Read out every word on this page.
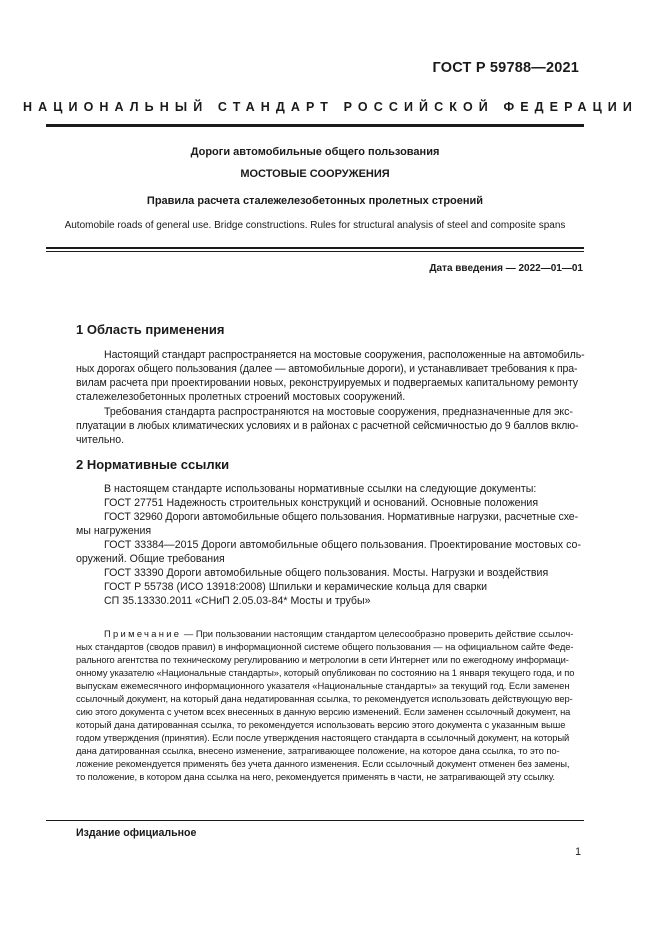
ГОСТ Р 59788—2021
НАЦИОНАЛЬНЫЙ СТАНДАРТ РОССИЙСКОЙ ФЕДЕРАЦИИ
Дороги автомобильные общего пользования
МОСТОВЫЕ СООРУЖЕНИЯ
Правила расчета сталежелезобетонных пролетных строений
Automobile roads of general use. Bridge constructions. Rules for structural analysis of steel and composite spans
Дата введения — 2022—01—01
1 Область применения
Настоящий стандарт распространяется на мостовые сооружения, расположенные на автомобиль-
ных дорогах общего пользования (далее — автомобильные дороги), и устанавливает требования к пра-
вилам расчета при проектировании новых, реконструируемых и подвергаемых капитальному ремонту
сталежелезобетонных пролетных строений мостовых сооружений.
Требования стандарта распространяются на мостовые сооружения, предназначенные для экс-
плуатации в любых климатических условиях и в районах с расчетной сейсмичностью до 9 баллов вклю-
чительно.
2 Нормативные ссылки
В настоящем стандарте использованы нормативные ссылки на следующие документы:
ГОСТ 27751 Надежность строительных конструкций и оснований. Основные положения
ГОСТ 32960 Дороги автомобильные общего пользования. Нормативные нагрузки, расчетные схе-
мы нагружения
ГОСТ 33384—2015 Дороги автомобильные общего пользования. Проектирование мостовых со-
оружений. Общие требования
ГОСТ 33390 Дороги автомобильные общего пользования. Мосты. Нагрузки и воздействия
ГОСТ Р 55738 (ИСО 13918:2008) Шпильки и керамические кольца для сварки
СП 35.13330.2011 «СНиП 2.05.03-84* Мосты и трубы»
Примечание — При пользовании настоящим стандартом целесообразно проверить действие ссылоч-
ных стандартов (сводов правил) в информационной системе общего пользования — на официальном сайте Феде-
рального агентства по техническому регулированию и метрологии в сети Интернет или по ежегодному информаци-
онному указателю «Национальные стандарты», который опубликован по состоянию на 1 января текущего года, и по
выпускам ежемесячного информационного указателя «Национальные стандарты» за текущий год. Если заменен
ссылочный документ, на который дана недатированная ссылка, то рекомендуется использовать действующую вер-
сию этого документа с учетом всех внесенных в данную версию изменений. Если заменен ссылочный документ, на
который дана датированная ссылка, то рекомендуется использовать версию этого документа с указанным выше
годом утверждения (принятия). Если после утверждения настоящего стандарта в ссылочный документ, на который
дана датированная ссылка, внесено изменение, затрагивающее положение, на которое дана ссылка, то это по-
ложение рекомендуется применять без учета данного изменения. Если ссылочный документ отменен без замены,
то положение, в котором дана ссылка на него, рекомендуется применять в части, не затрагивающей эту ссылку.
Издание официальное
1
